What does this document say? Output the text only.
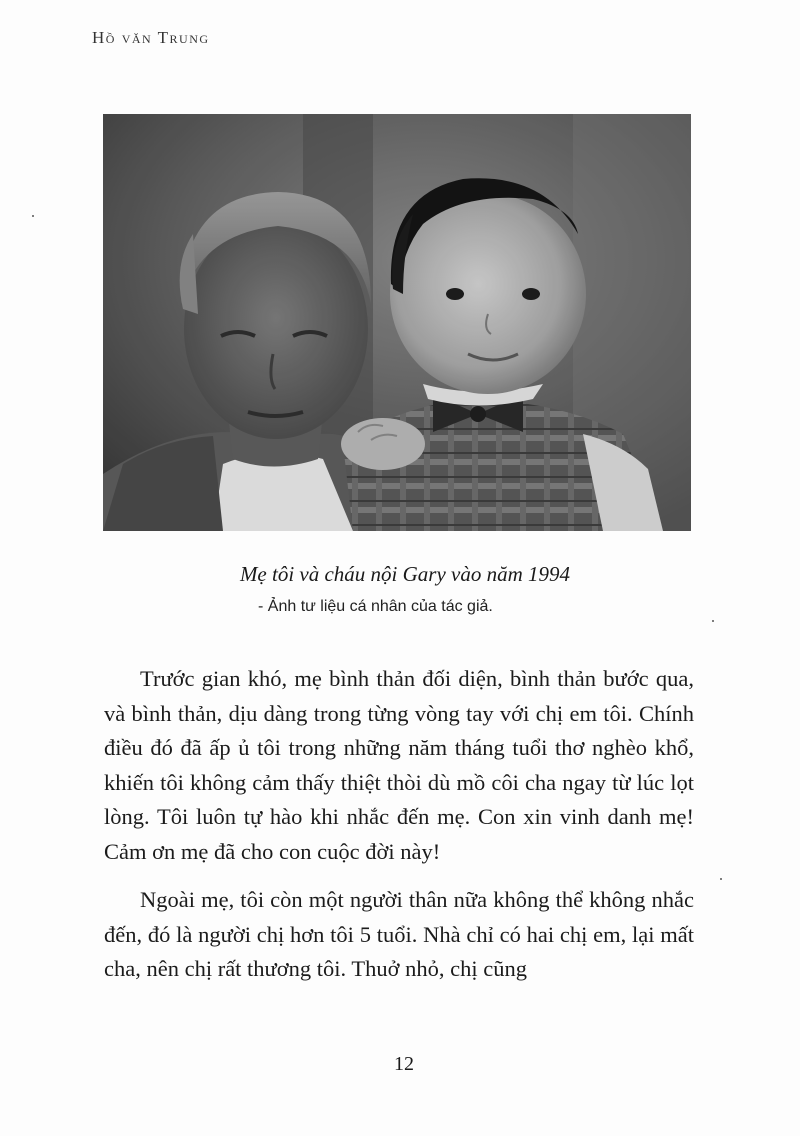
Hồ văn Trung
Mẹ tôi và cháu nội Gary vào năm 1994
- Ảnh tư liệu cá nhân của tác giả.

Trước gian khó, mẹ bình thản đối diện, bình thản bước qua, và bình thản, dịu dàng trong từng vòng tay với chị em tôi. Chính điều đó đã ấp ủ tôi trong những năm tháng tuổi thơ nghèo khổ, khiến tôi không cảm thấy thiệt thòi dù mồ côi cha ngay từ lúc lọt lòng. Tôi luôn tự hào khi nhắc đến mẹ. Con xin vinh danh mẹ! Cảm ơn mẹ đã cho con cuộc đời này!

Ngoài mẹ, tôi còn một người thân nữa không thể không nhắc đến, đó là người chị hơn tôi 5 tuổi. Nhà chỉ có hai chị em, lại mất cha, nên chị rất thương tôi. Thuở nhỏ, chị cũng

12
